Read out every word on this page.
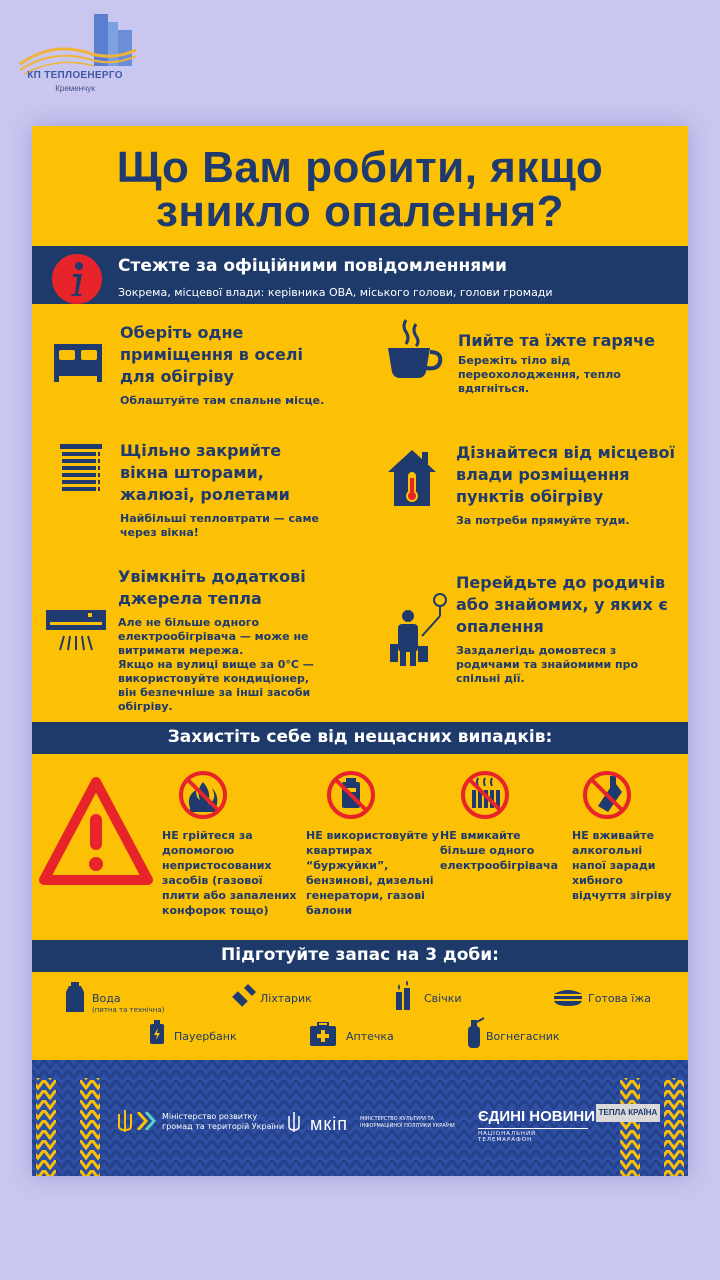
КП ТЕПЛОЕНЕРГО
Кременчук
Що Вам робити, якщо
зникло опалення?
Стежте за офіційними повідомленнями
Зокрема, місцевої влади: керівника ОВА, міського голови, голови громади
Оберіть одне
приміщення в оселі
для обігріву
Облаштуйте там спальне місце.
Пийте та їжте гаряче
Бережіть тіло від
переохолодження, тепло
вдягніться.
Щільно закрийте
вікна шторами,
жалюзі, ролетами
Найбільші тепловтрати — саме
через вікна!
Дізнайтеся від місцевої
влади розміщення
пунктів обігріву
За потреби прямуйте туди.
Увімкніть додаткові
джерела тепла
Але не більше одного
електрообігрівача — може не
витримати мережа.
Якщо на вулиці вище за 0°C —
використовуйте кондиціонер,
він безпечніше за інші засоби
обігріву.
Перейдьте до родичів
або знайомих, у яких є
опалення
Заздалегідь домовтеся з
родичами та знайомими про
спільні дії.
Захистіть себе від нещасних випадків:
НЕ грійтеся за
допомогою
непристосованих
засобів (газової
плити або запалених
конфорок тощо)
НЕ використовуйте у
квартирах
“буржуйки”,
бензинові, дизельні
генератори, газові
балони
НЕ вмикайте
більше одного
електрообігрівача
НЕ вживайте
алкогольні
напої заради
хибного
відчуття зігріву
Підготуйте запас на 3 доби:
Вода
(питна та технічна)
Ліхтарик	Свічки	Готова їжа
Пауербанк	Аптечка	Вогнегасник
Міністерство розвитку
громад та територій України мкіп МІНІСТЕРСТВО КУЛЬТУРИ ТА
ІНФОРМАЦІЙНОЇ ПОЛІТИКИ УКРАЇНИ
ЄДИНІ НОВИНИ
НАЦІОНАЛЬНИЙ ТЕЛЕМАРАФОН
ТЕПЛА КРАЇНА
